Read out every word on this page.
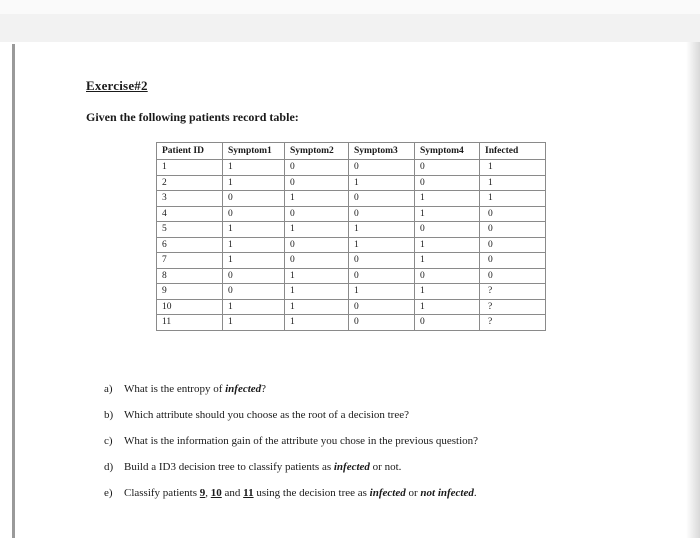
Exercise#2
Given the following patients record table:
Patient ID	Symptom1	Symptom2	Symptom3	Symptom4	Infected
1	1	0	0	0	1
2	1	0	1	0	1
3	0	1	0	1	1
4	0	0	0	1	0
5	1	1	1	0	0
6	1	0	1	1	0
7	1	0	0	1	0
8	0	1	0	0	0
9	0	1	1	1	?
10	1	1	0	1	?
11	1	1	0	0	?
a) What is the entropy of infected?
b) Which attribute should you choose as the root of a decision tree?
c) What is the information gain of the attribute you chose in the previous question?
d) Build a ID3 decision tree to classify patients as infected or not.
e) Classify patients 9, 10 and 11 using the decision tree as infected or not infected.
